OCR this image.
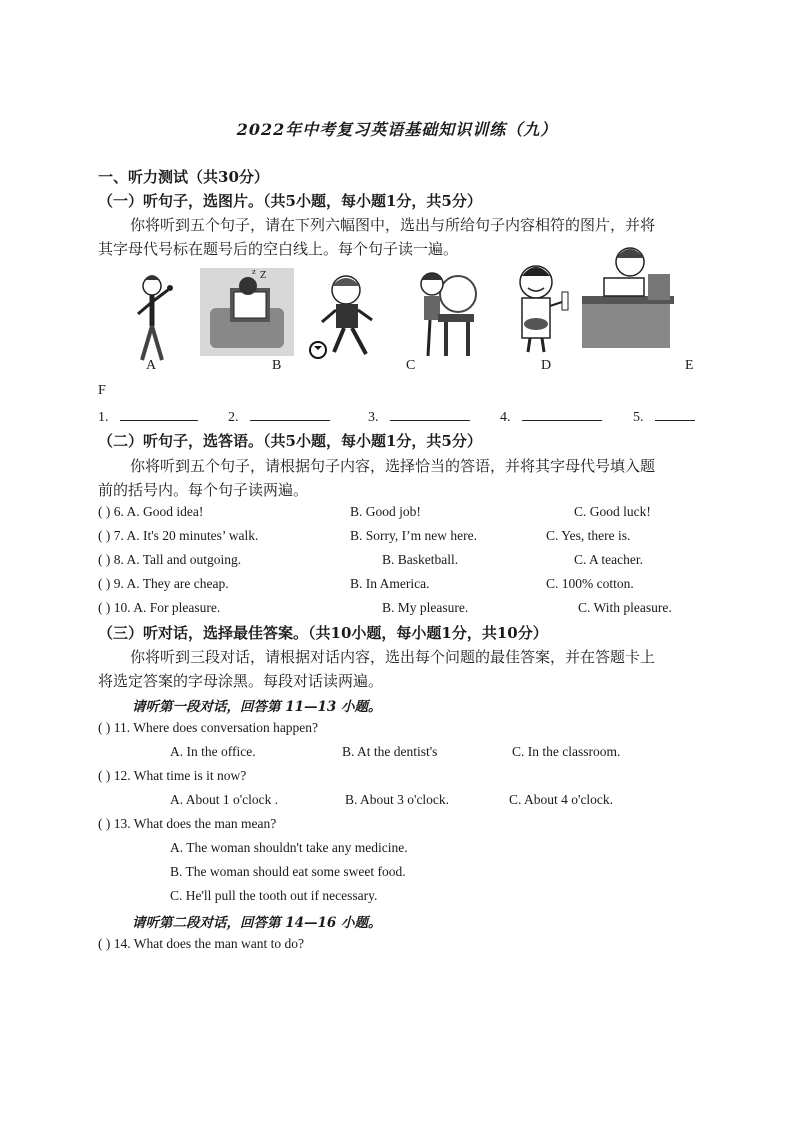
2022年中考复习英语基础知识训练（九）
一、听力测试（共30分）
（一）听句子，选图片。（共5小题，每小题1分，共5分）
你将听到五个句子，请在下列六幅图中，选出与所给句子内容相符的图片，并将
其字母代号标在题号后的空白线上。每个句子读一遍。
Z
z
A	B	C	D	E
F
1.	2.	3.	4.	5.
（二）听句子，选答语。（共5小题，每小题1分，共5分）
你将听到五个句子，请根据句子内容，选择恰当的答语，并将其字母代号填入题
前的括号内。每个句子读两遍。
( ) 6. A. Good idea!	B. Good job!	C. Good luck!
( ) 7. A. It's 20 minutes’ walk.	B. Sorry, I’m new here.	C. Yes, there is.
( ) 8. A. Tall and outgoing.	B. Basketball.	C. A teacher.
( ) 9. A. They are cheap.	B. In America.	C. 100% cotton.
( ) 10. A. For pleasure.	B. My pleasure.	C. With pleasure.
（三）听对话，选择最佳答案。（共10小题，每小题1分，共10分）
你将听到三段对话，请根据对话内容，选出每个问题的最佳答案，并在答题卡上
将选定答案的字母涂黑。每段对话读两遍。
请听第一段对话，回答第 11—13 小题。
( ) 11. Where does conversation happen?
A. In the office.	B. At the dentist's	C. In the classroom.
( ) 12. What time is it now?
A. About 1 o'clock .	B. About 3 o'clock.	C. About 4 o'clock.
( ) 13. What does the man mean?
A. The woman shouldn't take any medicine.
B. The woman should eat some sweet food.
C. He'll pull the tooth out if necessary.
请听第二段对话，回答第 14—16 小题。
( ) 14. What does the man want to do?
